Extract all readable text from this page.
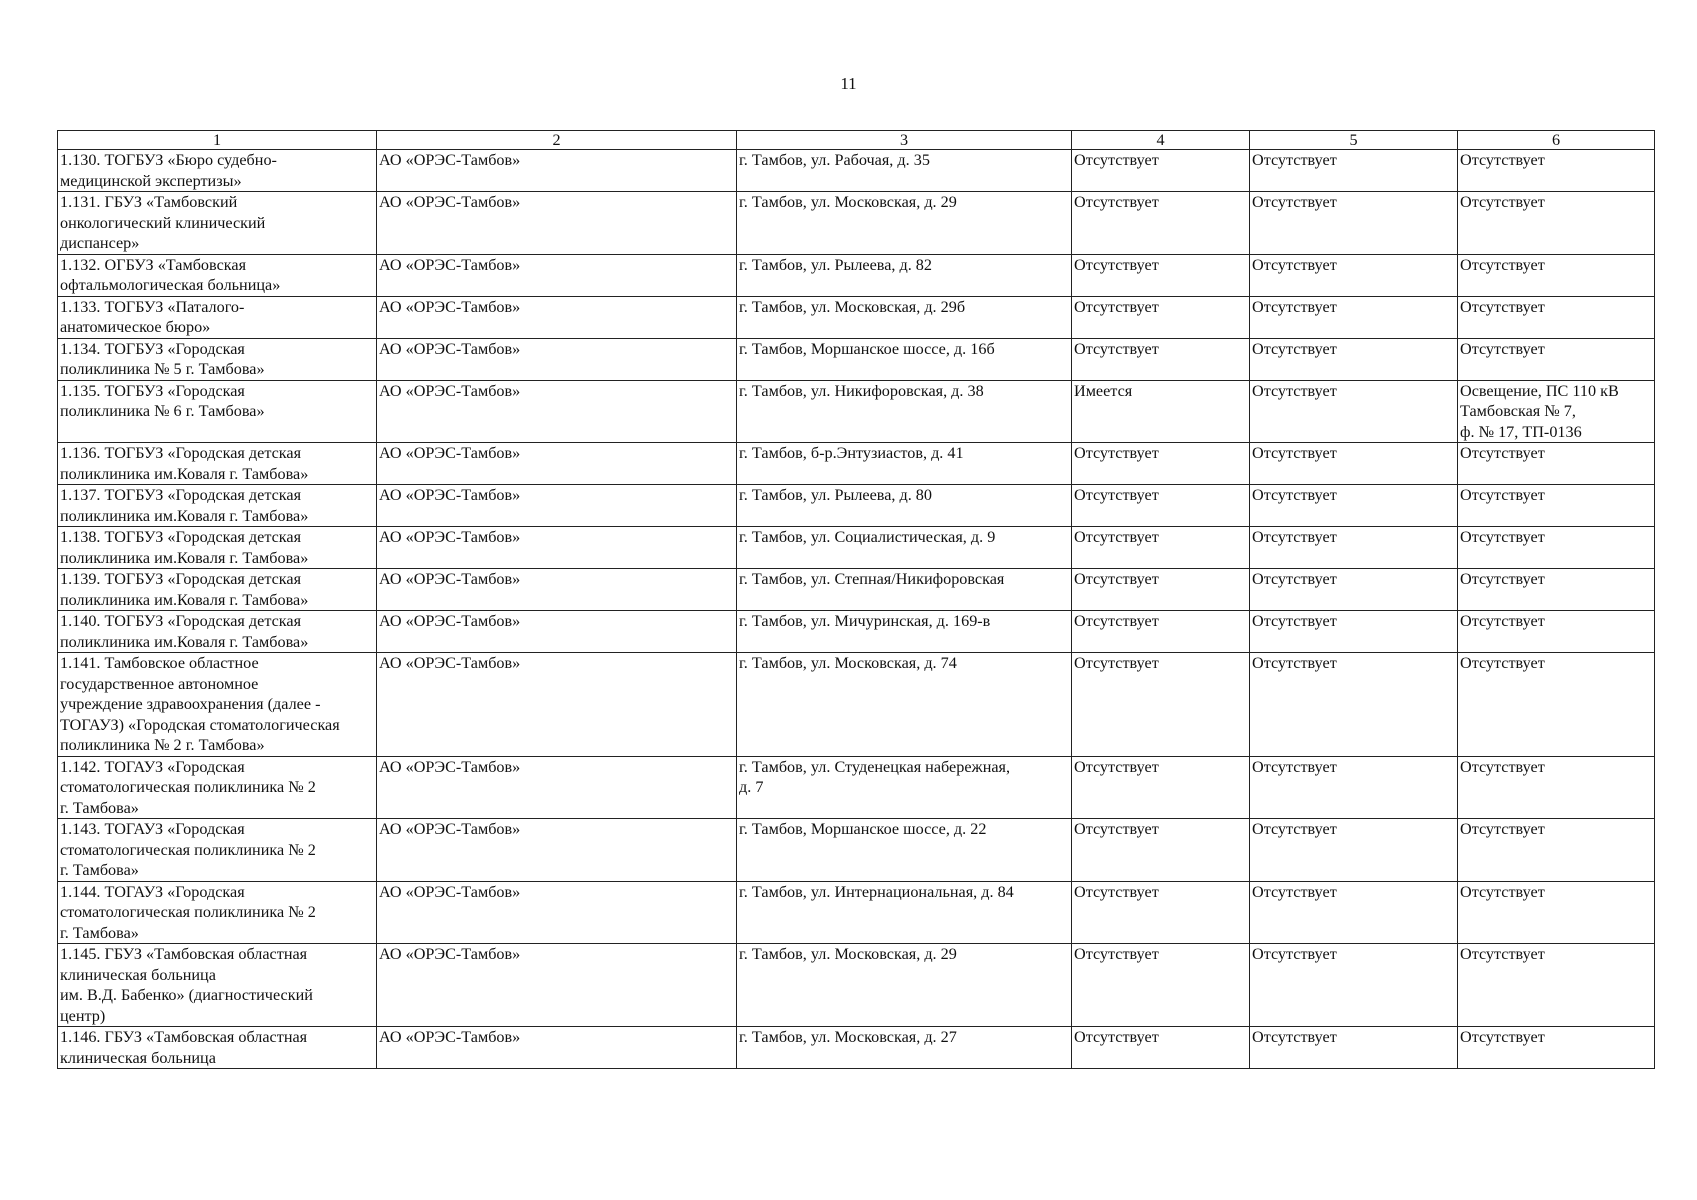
11
1	2	3	4	5	6
1.130. ТОГБУЗ «Бюро судебно-
медицинской экспертизы»	АО «ОРЭС-Тамбов»	г. Тамбов, ул. Рабочая, д. 35	Отсутствует	Отсутствует	Отсутствует
1.131. ГБУЗ «Тамбовский
онкологический клинический
диспансер»	АО «ОРЭС-Тамбов»	г. Тамбов, ул. Московская, д. 29	Отсутствует	Отсутствует	Отсутствует
1.132. ОГБУЗ «Тамбовская
офтальмологическая больница»	АО «ОРЭС-Тамбов»	г. Тамбов, ул. Рылеева, д. 82	Отсутствует	Отсутствует	Отсутствует
1.133. ТОГБУЗ «Паталого-
анатомическое бюро»	АО «ОРЭС-Тамбов»	г. Тамбов, ул. Московская, д. 29б	Отсутствует	Отсутствует	Отсутствует
1.134. ТОГБУЗ «Городская
поликлиника № 5 г. Тамбова»	АО «ОРЭС-Тамбов»	г. Тамбов, Моршанское шоссе, д. 16б	Отсутствует	Отсутствует	Отсутствует
1.135. ТОГБУЗ «Городская
поликлиника № 6 г. Тамбова»	АО «ОРЭС-Тамбов»	г. Тамбов, ул. Никифоровская, д. 38	Имеется	Отсутствует	Освещение, ПС 110 кВ
Тамбовская № 7,
ф. № 17, ТП-0136
1.136. ТОГБУЗ «Городская детская
поликлиника им.Коваля г. Тамбова»	АО «ОРЭС-Тамбов»	г. Тамбов, б-р.Энтузиастов, д. 41	Отсутствует	Отсутствует	Отсутствует
1.137. ТОГБУЗ «Городская детская
поликлиника им.Коваля г. Тамбова»	АО «ОРЭС-Тамбов»	г. Тамбов, ул. Рылеева, д. 80	Отсутствует	Отсутствует	Отсутствует
1.138. ТОГБУЗ «Городская детская
поликлиника им.Коваля г. Тамбова»	АО «ОРЭС-Тамбов»	г. Тамбов, ул. Социалистическая, д. 9	Отсутствует	Отсутствует	Отсутствует
1.139. ТОГБУЗ «Городская детская
поликлиника им.Коваля г. Тамбова»	АО «ОРЭС-Тамбов»	г. Тамбов, ул. Степная/Никифоровская	Отсутствует	Отсутствует	Отсутствует
1.140. ТОГБУЗ «Городская детская
поликлиника им.Коваля г. Тамбова»	АО «ОРЭС-Тамбов»	г. Тамбов, ул. Мичуринская, д. 169-в	Отсутствует	Отсутствует	Отсутствует
1.141. Тамбовское областное
государственное автономное
учреждение здравоохранения (далее -
ТОГАУЗ) «Городская стоматологическая
поликлиника № 2 г. Тамбова»	АО «ОРЭС-Тамбов»	г. Тамбов, ул. Московская, д. 74	Отсутствует	Отсутствует	Отсутствует
1.142. ТОГАУЗ «Городская
стоматологическая поликлиника № 2
г. Тамбова»	АО «ОРЭС-Тамбов»	г. Тамбов, ул. Студенецкая набережная,
д. 7	Отсутствует	Отсутствует	Отсутствует
1.143. ТОГАУЗ «Городская
стоматологическая поликлиника № 2
г. Тамбова»	АО «ОРЭС-Тамбов»	г. Тамбов, Моршанское шоссе, д. 22	Отсутствует	Отсутствует	Отсутствует
1.144. ТОГАУЗ «Городская
стоматологическая поликлиника № 2
г. Тамбова»	АО «ОРЭС-Тамбов»	г. Тамбов, ул. Интернациональная, д. 84	Отсутствует	Отсутствует	Отсутствует
1.145. ГБУЗ «Тамбовская областная
клиническая больница
им. В.Д. Бабенко» (диагностический
центр)	АО «ОРЭС-Тамбов»	г. Тамбов, ул. Московская, д. 29	Отсутствует	Отсутствует	Отсутствует
1.146. ГБУЗ «Тамбовская областная
клиническая больница	АО «ОРЭС-Тамбов»	г. Тамбов, ул. Московская, д. 27	Отсутствует	Отсутствует	Отсутствует
